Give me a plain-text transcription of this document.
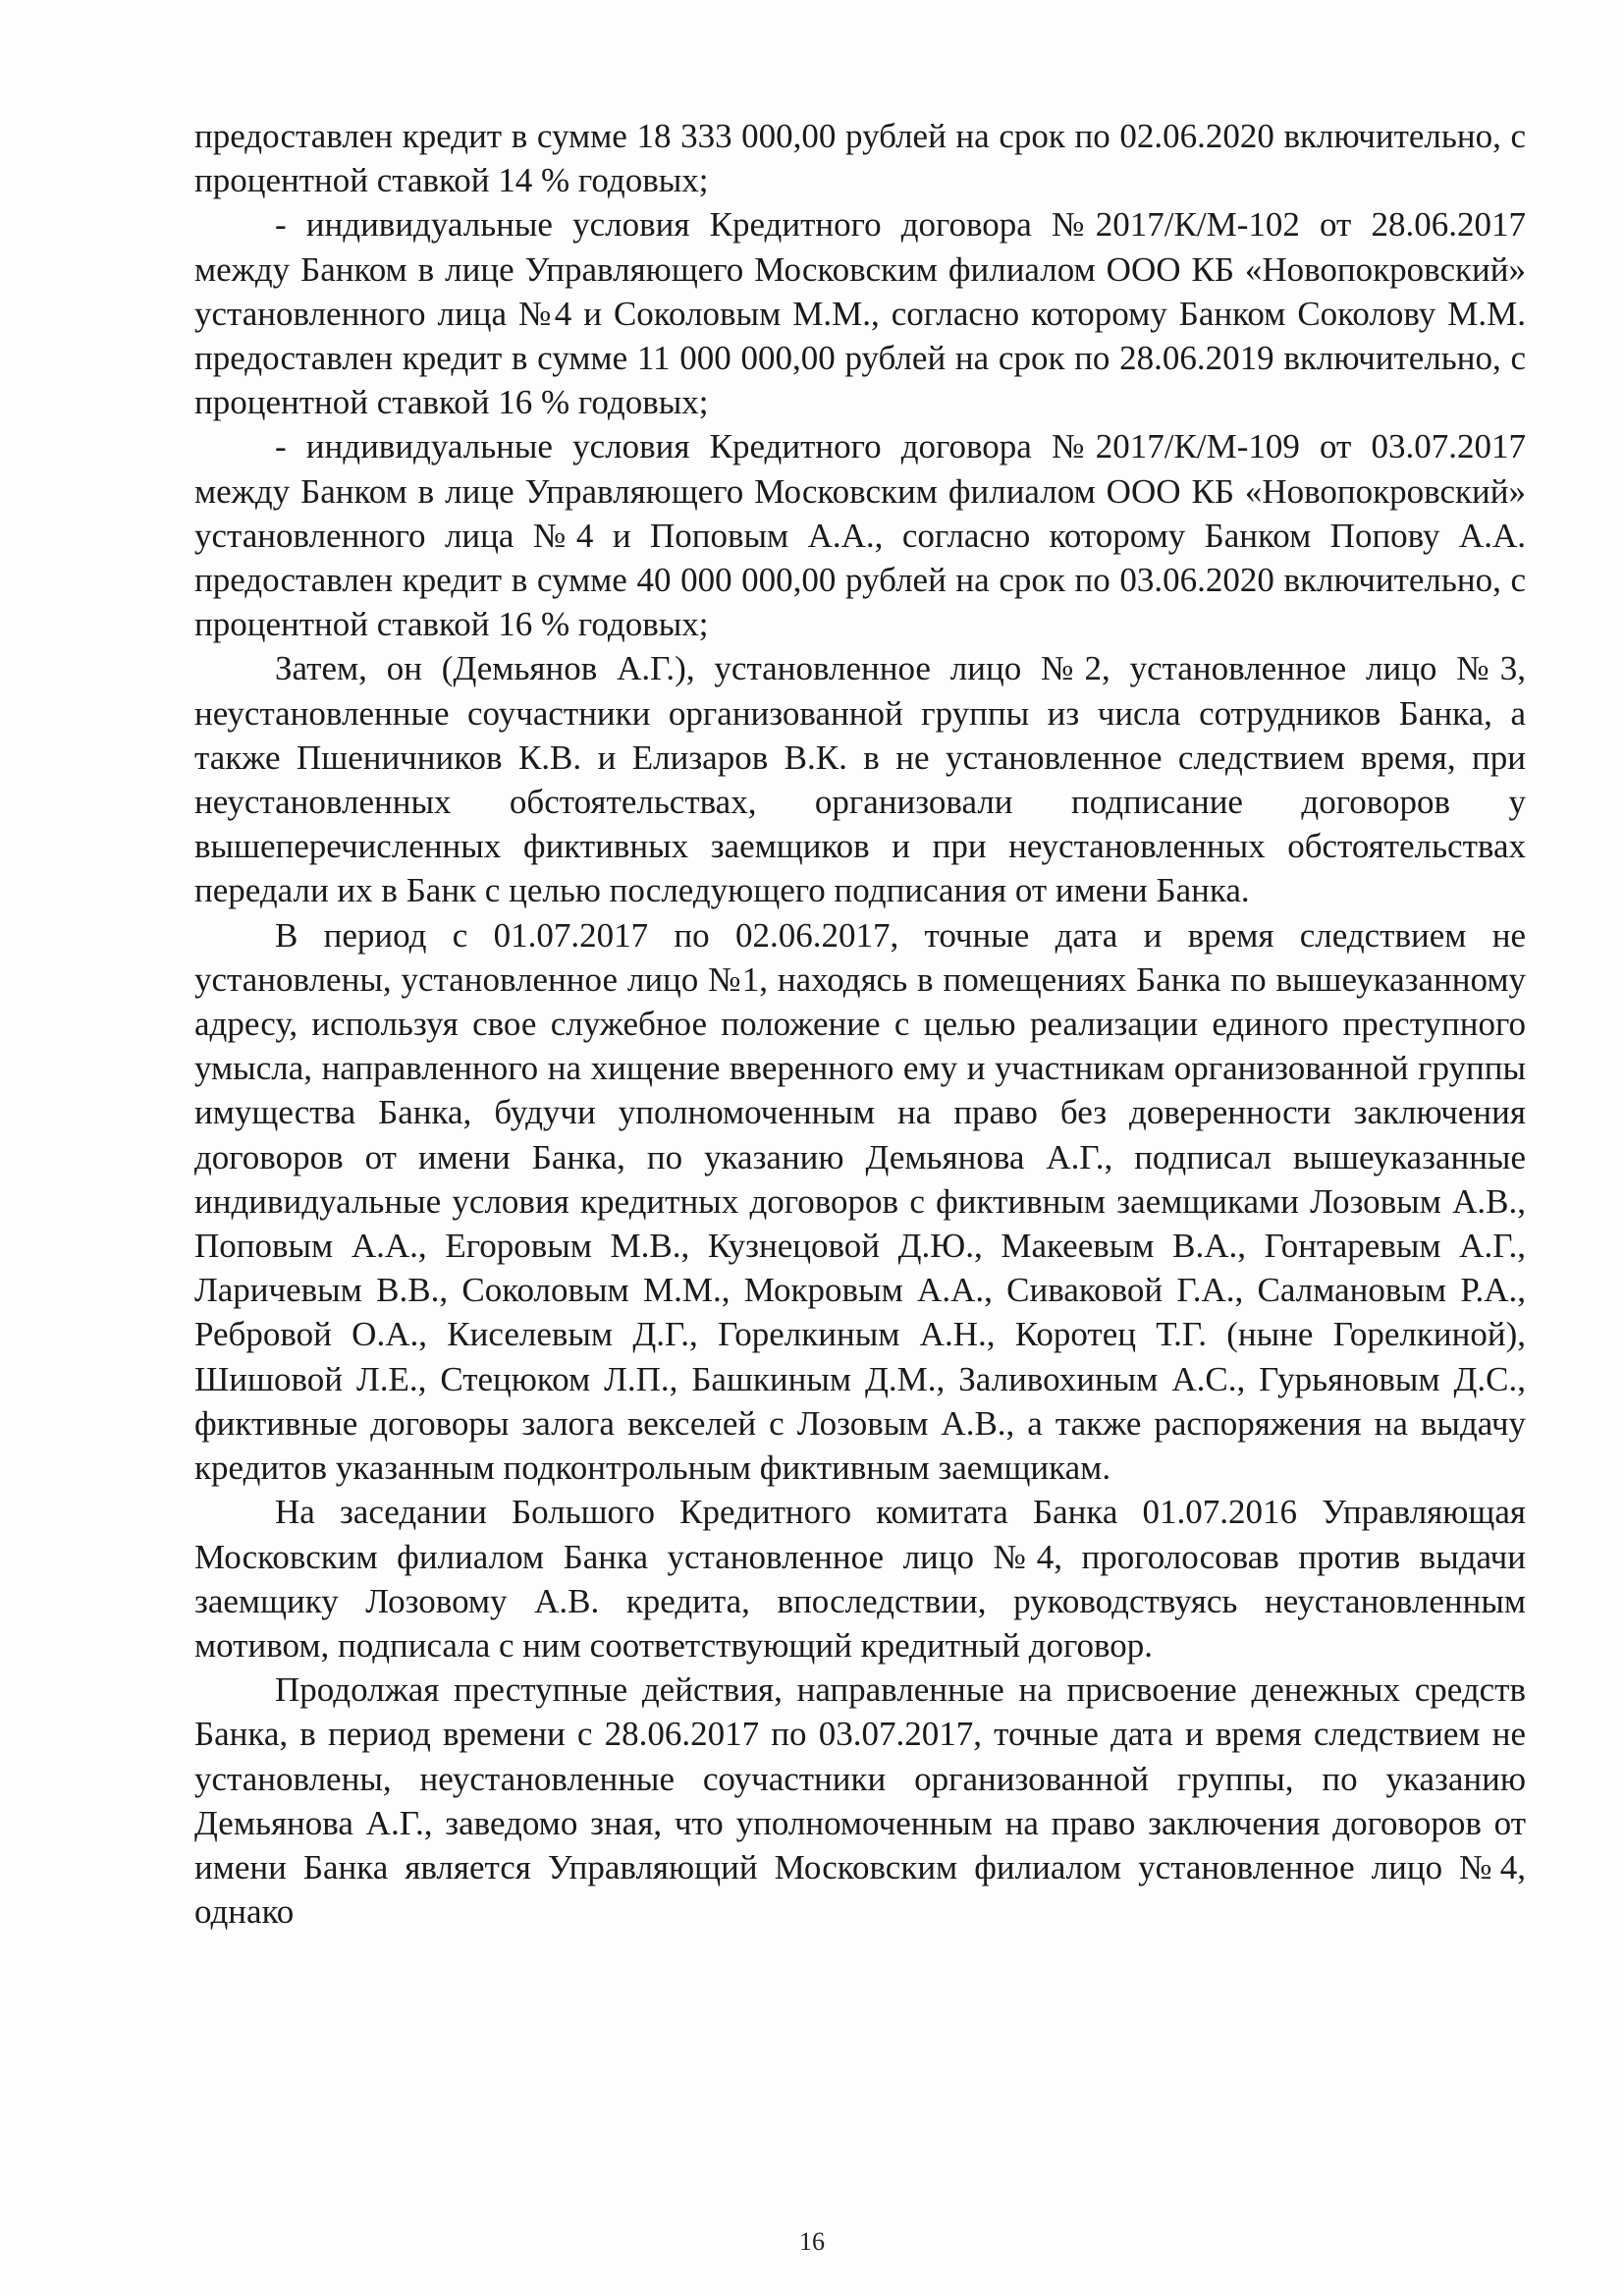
предоставлен кредит в сумме 18 333 000,00 рублей на срок по 02.06.2020 включительно, с процентной ставкой 14 % годовых;

- индивидуальные условия Кредитного договора №2017/К/М-102 от 28.06.2017 между Банком в лице Управляющего Московским филиалом ООО КБ «Новопокровский» установленного лица №4 и Соколовым М.М., согласно которому Банком Соколову М.М. предоставлен кредит в сумме 11 000 000,00 рублей на срок по 28.06.2019 включительно, с процентной ставкой 16 % годовых;

- индивидуальные условия Кредитного договора №2017/К/М-109 от 03.07.2017 между Банком в лице Управляющего Московским филиалом ООО КБ «Новопокровский» установленного лица №4 и Поповым А.А., согласно которому Банком Попову А.А. предоставлен кредит в сумме 40 000 000,00 рублей на срок по 03.06.2020 включительно, с процентной ставкой 16 % годовых;

Затем, он (Демьянов А.Г.), установленное лицо №2, установленное лицо №3, неустановленные соучастники организованной группы из числа сотрудников Банка, а также Пшеничников К.В. и Елизаров В.К. в не установленное следствием время, при неустановленных обстоятельствах, организовали подписание договоров у вышеперечисленных фиктивных заемщиков и при неустановленных обстоятельствах передали их в Банк с целью последующего подписания от имени Банка.

В период с 01.07.2017 по 02.06.2017, точные дата и время следствием не установлены, установленное лицо №1, находясь в помещениях Банка по вышеуказанному адресу, используя свое служебное положение с целью реализации единого преступного умысла, направленного на хищение вверенного ему и участникам организованной группы имущества Банка, будучи уполномоченным на право без доверенности заключения договоров от имени Банка, по указанию Демьянова А.Г., подписал вышеуказанные индивидуальные условия кредитных договоров с фиктивным заемщиками Лозовым А.В., Поповым А.А., Егоровым М.В., Кузнецовой Д.Ю., Макеевым В.А., Гонтаревым А.Г., Ларичевым В.В., Соколовым М.М., Мокровым А.А., Сиваковой Г.А., Салмановым Р.А., Ребровой О.А., Киселевым Д.Г., Горелкиным А.Н., Коротец Т.Г. (ныне Горелкиной), Шишовой Л.Е., Стецюком Л.П., Башкиным Д.М., Заливохиным А.С., Гурьяновым Д.С., фиктивные договоры залога векселей с Лозовым А.В., а также распоряжения на выдачу кредитов указанным подконтрольным фиктивным заемщикам.

На заседании Большого Кредитного комитата Банка 01.07.2016 Управляющая Московским филиалом Банка установленное лицо №4, проголосовав против выдачи заемщику Лозовому А.В. кредита, впоследствии, руководствуясь неустановленным мотивом, подписала с ним соответствующий кредитный договор.

Продолжая преступные действия, направленные на присвоение денежных средств Банка, в период времени с 28.06.2017 по 03.07.2017, точные дата и время следствием не установлены, неустановленные соучастники организованной группы, по указанию Демьянова А.Г., заведомо зная, что уполномоченным на право заключения договоров от имени Банка является Управляющий Московским филиалом установленное лицо №4, однако

16
